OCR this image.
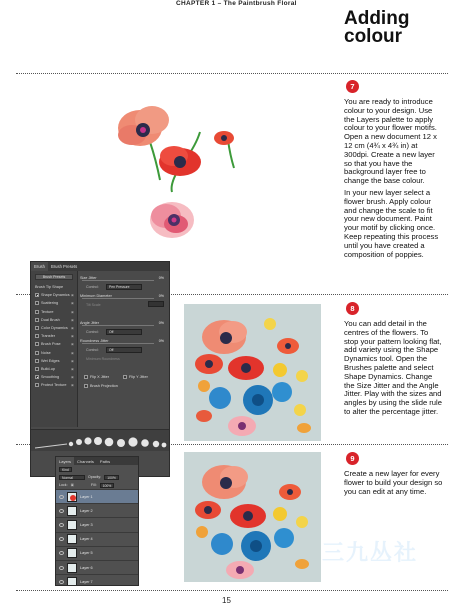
CHAPTER 1 – The Paintbrush Floral
Adding colour
7

You are ready to introduce colour to your design. Use the Layers palette to apply colour to your flower motifs. Open a new document 12 x 12 cm (4¾ x 4¾ in) at 300dpi. Create a new layer so that you have the background layer free to change the base colour.

In your new layer select a flower brush. Apply colour and change the scale to fit your new document. Paint your motif by clicking once. Keep repeating this process until you have created a composition of poppies.

8

You can add detail in the centres of the flowers. To stop your pattern looking flat, add variety using the Shape Dynamics tool. Open the Brushes palette and select Shape Dynamics. Change the Size Jitter and the Angle Jitter. Play with the sizes and angles by using the slide rule to alter the percentage jitter.

9

Create a new layer for every flower to build your design so you can edit at any time.

Brush	Brush Presets
Brush Presets
Brush Tip Shape
Shape Dynamics ▣
Scattering	▣
Texture	▣
Dual Brush	▣
Color Dynamics ▣
Transfer	▣
Brush Pose	▣
Noise	▣
Wet Edges	▣
Build-up	▣
Smoothing	▣
Protect Texture ▣
Size Jitter	0%
Control:	Pen Pressure
Minimum Diameter	0%
Tilt Scale
Angle Jitter	0%
Control:	Off
Roundness Jitter	0%
Control:	Off
Minimum Roundness
Flip X Jitter	Flip Y Jitter
Brush Projection
Layers	Channels	Paths
Kind
Normal	Opacity:	100%
Lock: ▣	Fill:	100%
Layer 1
Layer 2
Layer 3
Layer 4
Layer 5
Layer 6
Layer 7
三九丛社
15
